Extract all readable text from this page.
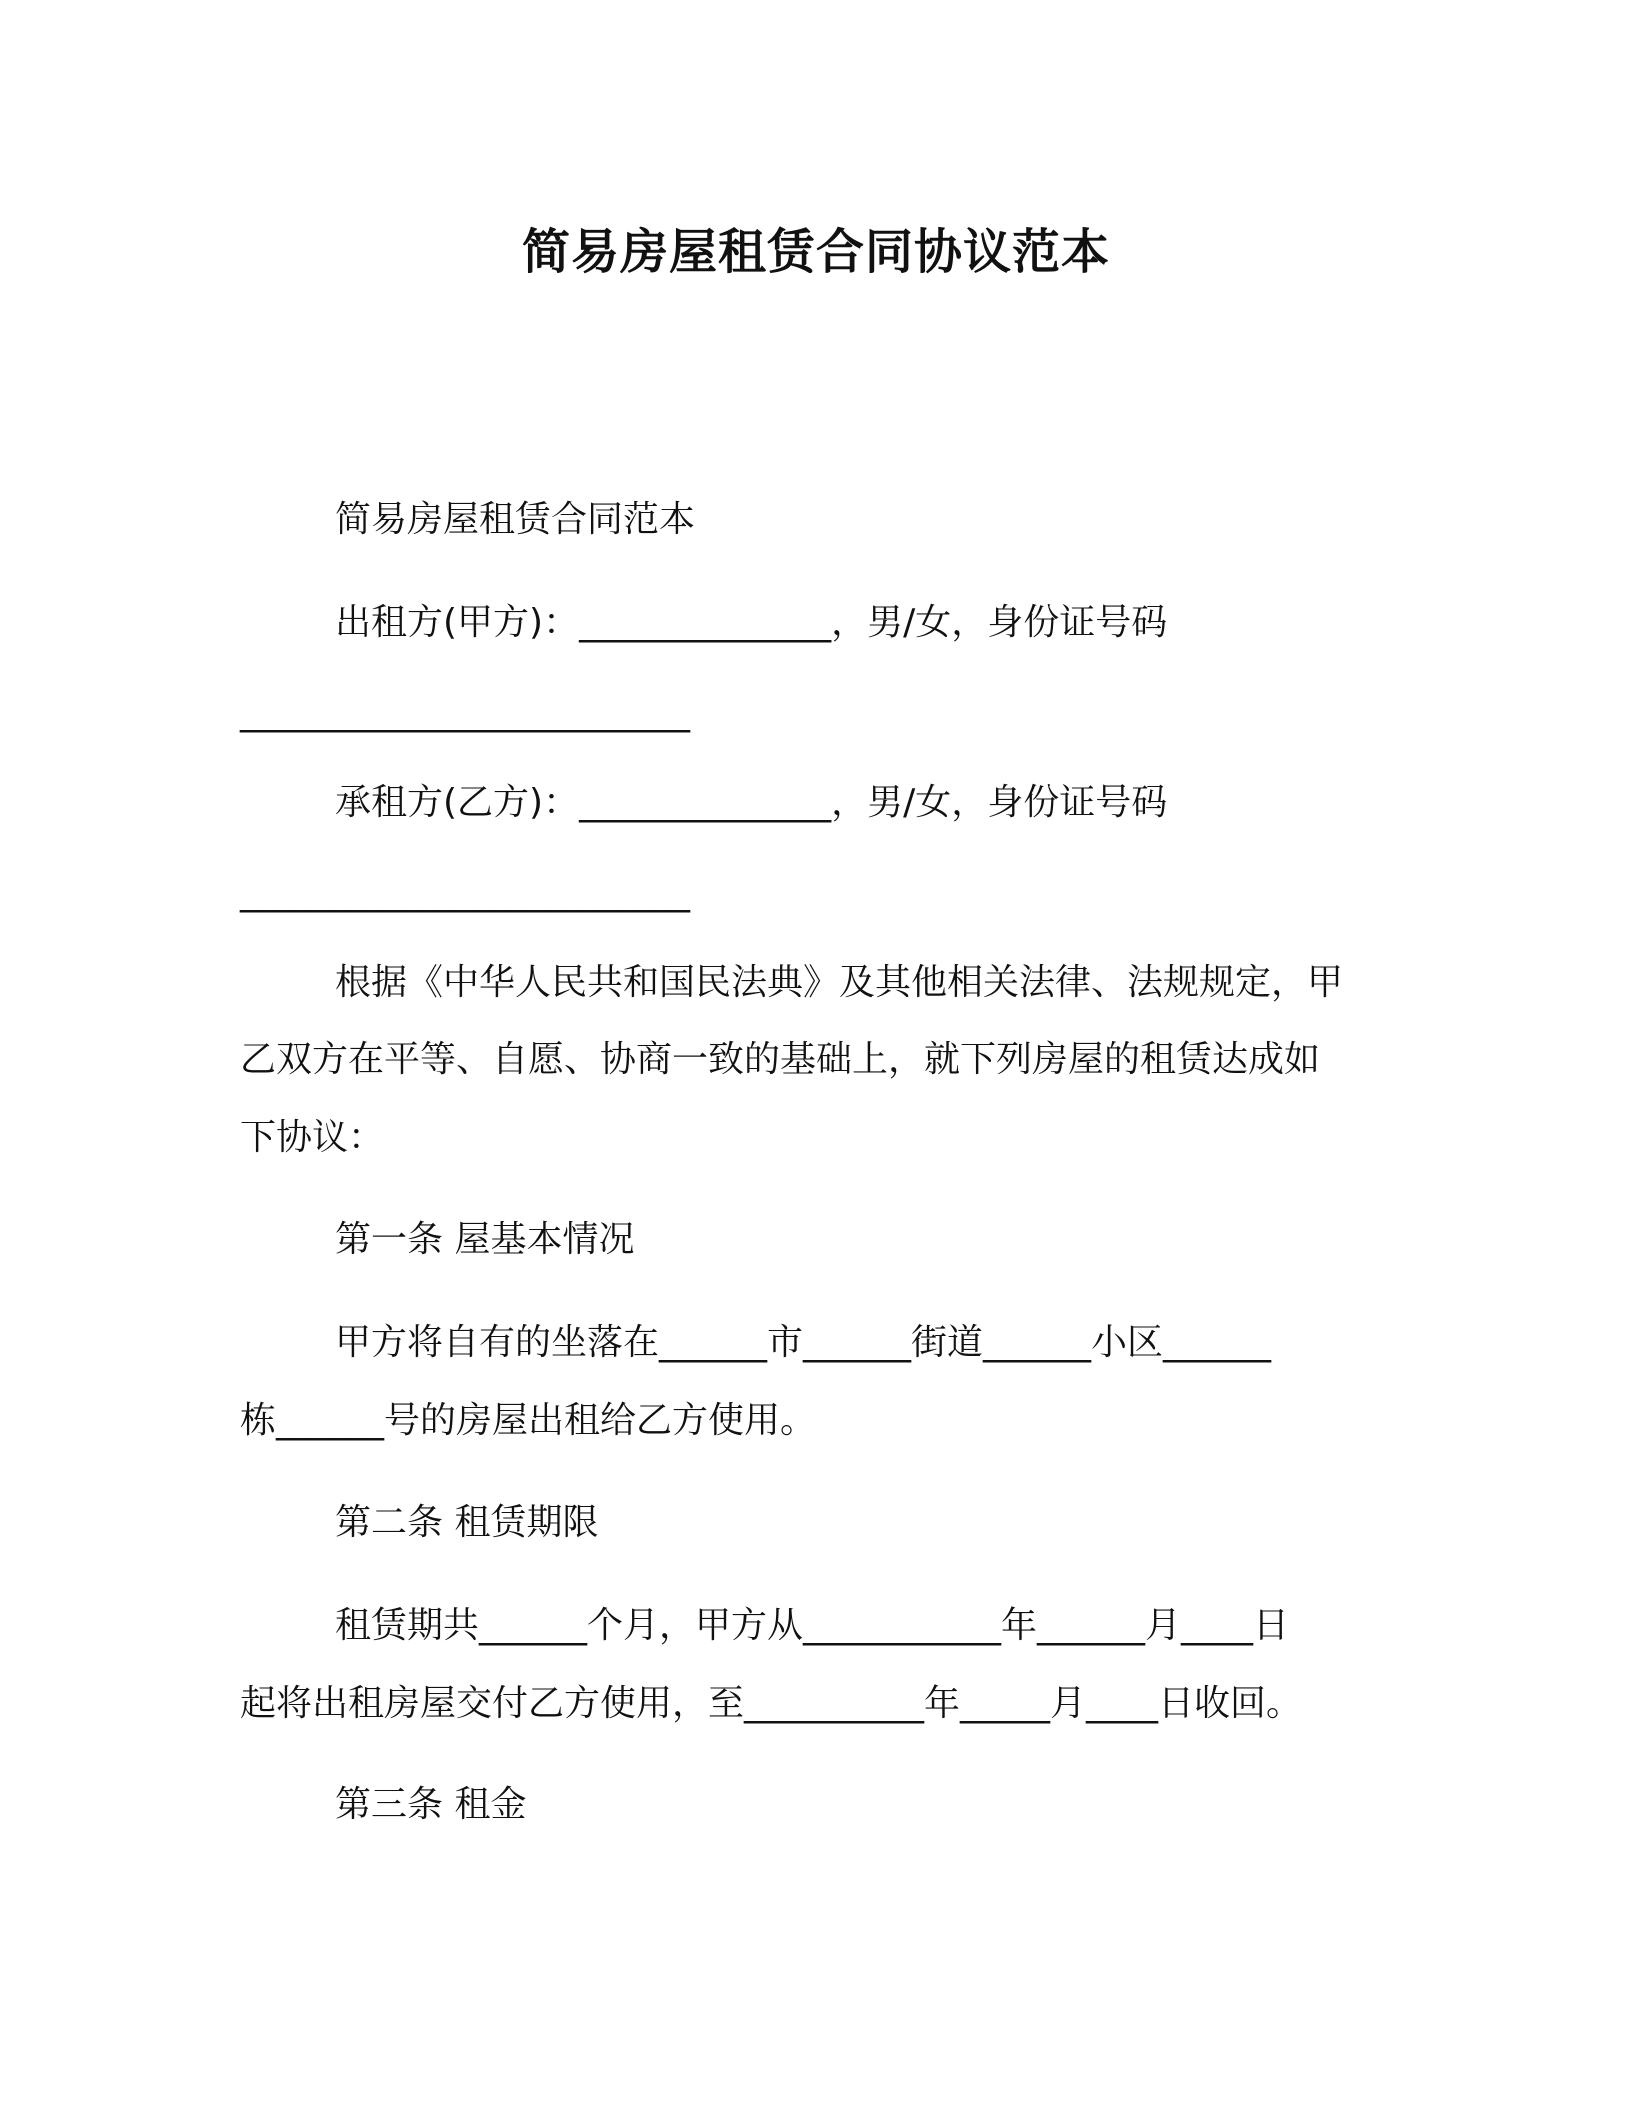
简易房屋租赁合同协议范本

简易房屋租赁合同范本

出租方(甲方)：______________，男/女，身份证号码

_________________________

承租方(乙方)：______________，男/女，身份证号码

_________________________

根据《中华人民共和国民法典》及其他相关法律、法规规定，甲

乙双方在平等、自愿、协商一致的基础上，就下列房屋的租赁达成如

下协议：

第一条 屋基本情况

甲方将自有的坐落在______市______街道______小区______

栋______号的房屋出租给乙方使用。

第二条 租赁期限

租赁期共______个月，甲方从___________年______月____日

起将出租房屋交付乙方使用，至__________年_____月____日收回。

第三条 租金
